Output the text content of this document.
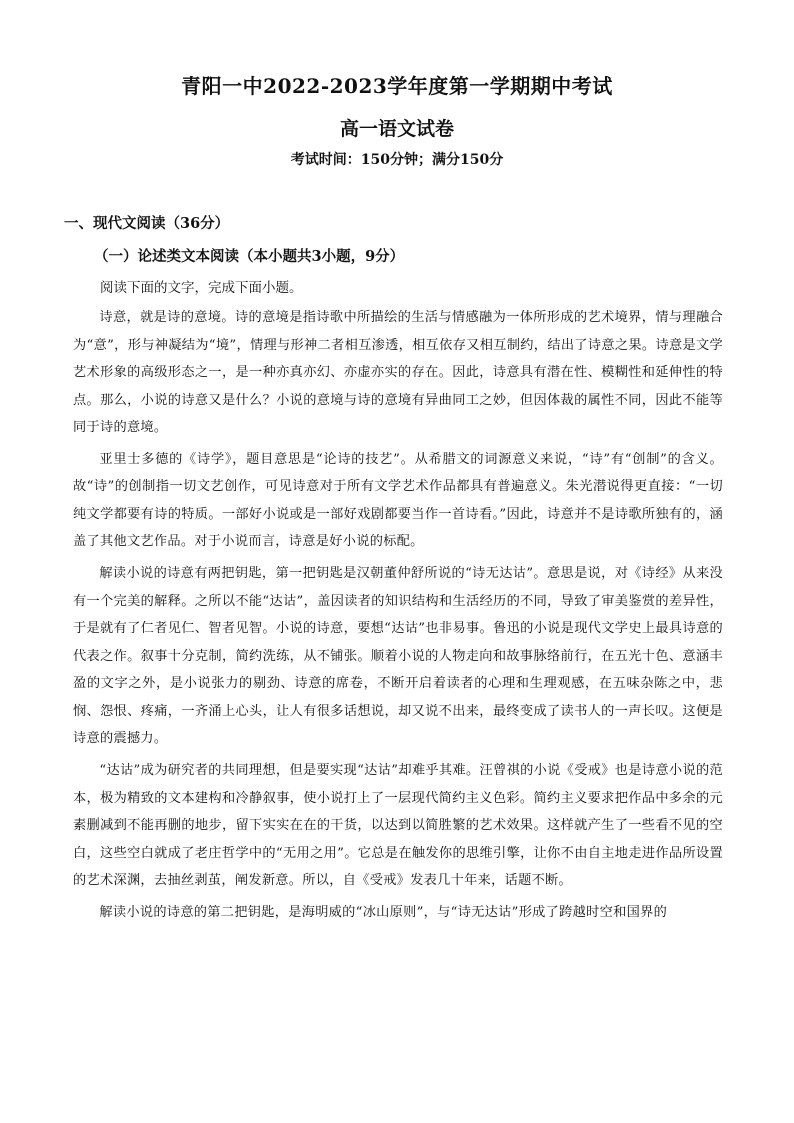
青阳一中2022-2023学年度第一学期期中考试
高一语文试卷
考试时间：150分钟；满分150分
一、现代文阅读（36分）
（一）论述类文本阅读（本小题共3小题，9分）
阅读下面的文字，完成下面小题。

诗意，就是诗的意境。诗的意境是指诗歌中所描绘的生活与情感融为一体所形成的艺术境界，情与理融合为“意”，形与神凝结为“境”，情理与形神二者相互渗透，相互依存又相互制约，结出了诗意之果。诗意是文学艺术形象的高级形态之一，是一种亦真亦幻、亦虚亦实的存在。因此，诗意具有潜在性、模糊性和延伸性的特点。那么，小说的诗意又是什么？小说的意境与诗的意境有异曲同工之妙，但因体裁的属性不同，因此不能等同于诗的意境。

亚里士多德的《诗学》，题目意思是“论诗的技艺”。从希腊文的词源意义来说，“诗”有“创制”的含义。故“诗”的创制指一切文艺创作，可见诗意对于所有文学艺术作品都具有普遍意义。朱光潜说得更直接：“一切纯文学都要有诗的特质。一部好小说或是一部好戏剧都要当作一首诗看。”因此，诗意并不是诗歌所独有的，涵盖了其他文艺作品。对于小说而言，诗意是好小说的标配。

解读小说的诗意有两把钥匙，第一把钥匙是汉朝董仲舒所说的“诗无达诂”。意思是说，对《诗经》从来没有一个完美的解释。之所以不能“达诂”，盖因读者的知识结构和生活经历的不同，导致了审美鉴赏的差异性，于是就有了仁者见仁、智者见智。小说的诗意，要想“达诂”也非易事。鲁迅的小说是现代文学史上最具诗意的代表之作。叙事十分克制，简约洗练，从不铺张。顺着小说的人物走向和故事脉络前行，在五光十色、意涵丰盈的文字之外，是小说张力的剔劲、诗意的席卷，不断开启着读者的心理和生理观感，在五味杂陈之中，悲悯、怨恨、疼痛，一齐涌上心头，让人有很多话想说，却又说不出来，最终变成了读书人的一声长叹。这便是诗意的震撼力。

“达诂”成为研究者的共同理想，但是要实现“达诂”却难乎其难。汪曾祺的小说《受戒》也是诗意小说的范本，极为精致的文本建构和冷静叙事，使小说打上了一层现代简约主义色彩。简约主义要求把作品中多余的元素删减到不能再删的地步，留下实实在在的干货，以达到以简胜繁的艺术效果。这样就产生了一些看不见的空白，这些空白就成了老庄哲学中的“无用之用”。它总是在触发你的思维引擎，让你不由自主地走进作品所设置的艺术深渊，去抽丝剥茧，阐发新意。所以，自《受戒》发表几十年来，话题不断。

解读小说的诗意的第二把钥匙，是海明威的“冰山原则”，与“诗无达诂”形成了跨越时空和国界的
